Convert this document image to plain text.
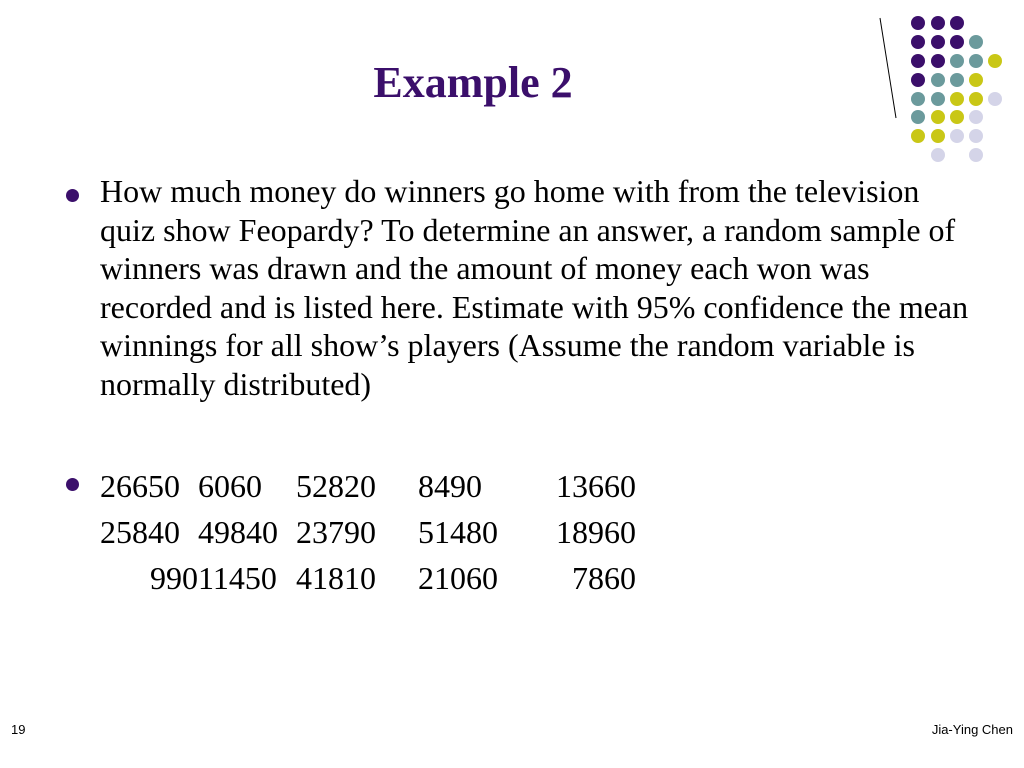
Example 2
How much money do winners go home with from the television quiz show Feopardy? To determine an answer, a random sample of winners was drawn and the amount of money each won was recorded and is listed here. Estimate with 95% confidence the mean winnings for all show’s players (Assume the random variable is normally distributed)
26650 6060	52820	8490	13660
25840 49840 23790	51480	18960
990 11450 41810	21060	7860
19	Jia-Ying Chen
